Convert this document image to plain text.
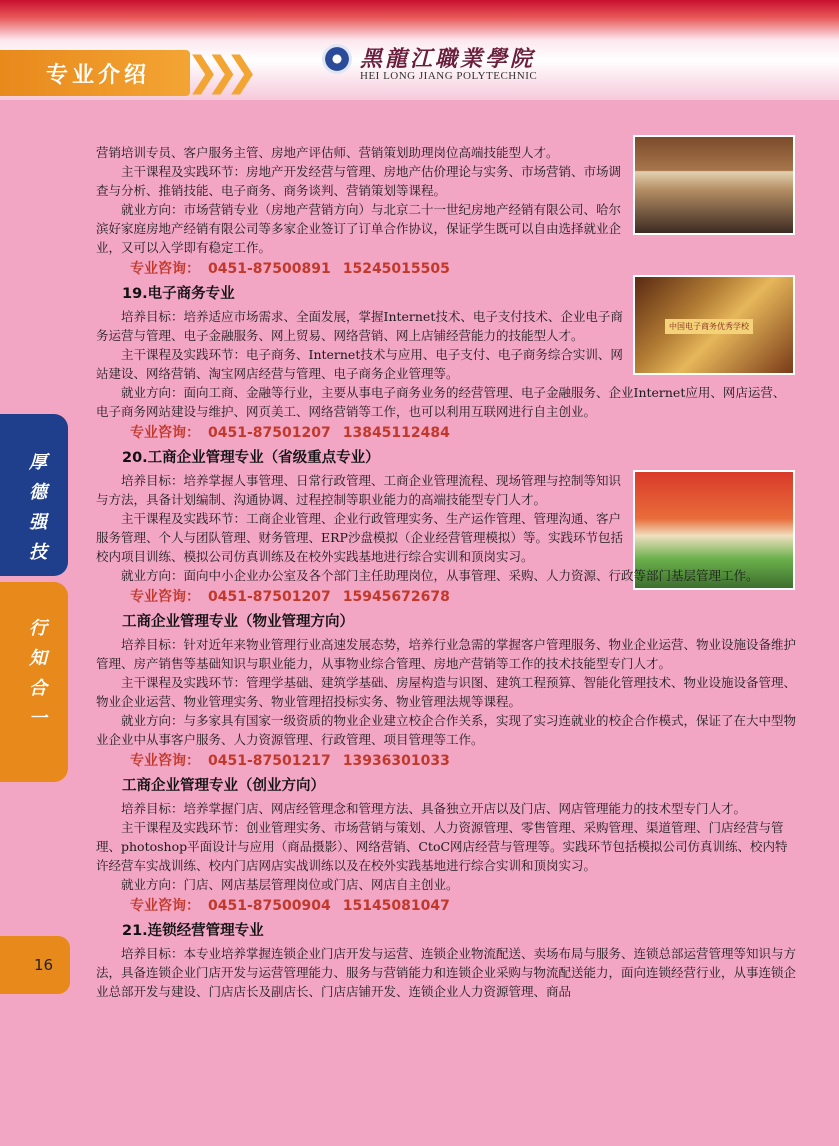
专业介绍 ❯❯❯	黑龍江職業學院
HEI LONG JIANG POLYTECHNIC
厚
德
强
技
行
知
合
一
16
中国电子商务优秀学校

营销培训专员、客户服务主管、房地产评估师、营销策划助理岗位高端技能型人才。

主干课程及实践环节：房地产开发经营与管理、房地产估价理论与实务、市场营销、市场调查与分析、推销技能、电子商务、商务谈判、营销策划等课程。

就业方向：市场营销专业（房地产营销方向）与北京二十一世纪房地产经销有限公司、哈尔滨好家庭房地产经销有限公司等多家企业签订了订单合作协议，保证学生既可以自由选择就业企业，又可以入学即有稳定工作。

专业咨询： 0451-87500891 15245015505
19.电子商务专业

培养目标：培养适应市场需求、全面发展，掌握Internet技术、电子支付技术、企业电子商务运营与管理、电子金融服务、网上贸易、网络营销、网上店铺经营能力的技能型人才。

主干课程及实践环节：电子商务、Internet技术与应用、电子支付、电子商务综合实训、网站建设、网络营销、淘宝网店经营与管理、电子商务企业管理等。

就业方向：面向工商、金融等行业，主要从事电子商务业务的经营管理、电子金融服务、企业Internet应用、网店运营、电子商务网站建设与维护、网页美工、网络营销等工作，也可以利用互联网进行自主创业。

专业咨询： 0451-87501207 13845112484
20.工商企业管理专业（省级重点专业）

培养目标：培养掌握人事管理、日常行政管理、工商企业管理流程、现场管理与控制等知识与方法，具备计划编制、沟通协调、过程控制等职业能力的高端技能型专门人才。

主干课程及实践环节：工商企业管理、企业行政管理实务、生产运作管理、管理沟通、客户服务管理、个人与团队管理、财务管理、ERP沙盘模拟（企业经营管理模拟）等。实践环节包括校内项目训练、模拟公司仿真训练及在校外实践基地进行综合实训和顶岗实习。

就业方向：面向中小企业办公室及各个部门主任助理岗位，从事管理、采购、人力资源、行政等部门基层管理工作。

专业咨询： 0451-87501207 15945672678
工商企业管理专业（物业管理方向）

培养目标：针对近年来物业管理行业高速发展态势，培养行业急需的掌握客户管理服务、物业企业运营、物业设施设备维护管理、房产销售等基础知识与职业能力，从事物业综合管理、房地产营销等工作的技术技能型专门人才。

主干课程及实践环节：管理学基础、建筑学基础、房屋构造与识图、建筑工程预算、智能化管理技术、物业设施设备管理、物业企业运营、物业管理实务、物业管理招投标实务、物业管理法规等课程。

就业方向：与多家具有国家一级资质的物业企业建立校企合作关系，实现了实习连就业的校企合作模式，保证了在大中型物业企业中从事客户服务、人力资源管理、行政管理、项目管理等工作。

专业咨询： 0451-87501217 13936301033
工商企业管理专业（创业方向）

培养目标：培养掌握门店、网店经管理念和管理方法、具备独立开店以及门店、网店管理能力的技术型专门人才。

主干课程及实践环节：创业管理实务、市场营销与策划、人力资源管理、零售管理、采购管理、渠道管理、门店经营与管理、photoshop平面设计与应用（商品摄影）、网络营销、CtoC网店经营与管理等。实践环节包括模拟公司仿真训练、校内特许经营车实战训练、校内门店网店实战训练以及在校外实践基地进行综合实训和顶岗实习。

就业方向：门店、网店基层管理岗位或门店、网店自主创业。

专业咨询： 0451-87500904 15145081047
21.连锁经营管理专业

培养目标：本专业培养掌握连锁企业门店开发与运营、连锁企业物流配送、卖场布局与服务、连锁总部运营管理等知识与方法，具备连锁企业门店开发与运营管理能力、服务与营销能力和连锁企业采购与物流配送能力，面向连锁经营行业，从事连锁企业总部开发与建设、门店店长及副店长、门店店铺开发、连锁企业人力资源管理、商品
